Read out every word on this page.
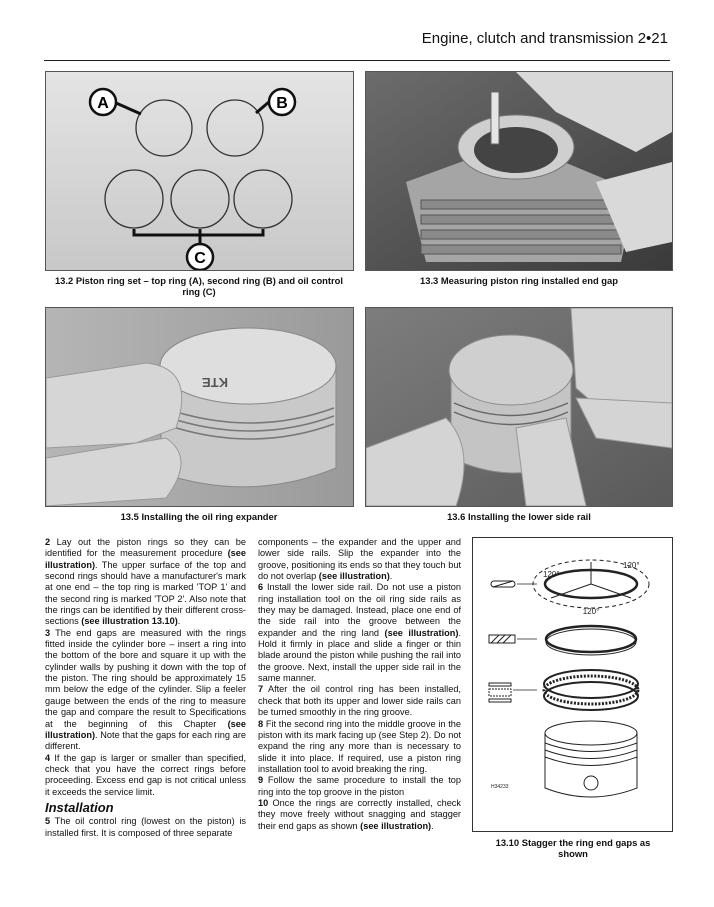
Engine, clutch and transmission 2•21
A	B
C
13.2 Piston ring set – top ring (A), second ring (B) and oil control ring (C)
13.3 Measuring piston ring installed end gap
KTE
13.5 Installing the oil ring expander	13.6 Installing the lower side rail

2 Lay out the piston rings so they can be identified for the measurement procedure (see illustration). The upper surface of the top and second rings should have a manufacturer's mark at one end – the top ring is marked 'TOP 1' and the second ring is marked 'TOP 2'. Also note that the rings can be identified by their different cross-sections (see illustration 13.10).

3 The end gaps are measured with the rings fitted inside the cylinder bore – insert a ring into the bottom of the bore and square it up with the cylinder walls by pushing it down with the top of the piston. The ring should be approximately 15 mm below the edge of the cylinder. Slip a feeler gauge between the ends of the ring to measure the gap and compare the result to Specifications at the beginning of this Chapter (see illustration). Note that the gaps for each ring are different.

4 If the gap is larger or smaller than specified, check that you have the correct rings before proceeding. Excess end gap is not critical unless it exceeds the service limit.

Installation

5 The oil control ring (lowest on the piston) is installed first. It is composed of three separate

components – the expander and the upper and lower side rails. Slip the expander into the groove, positioning its ends so that they touch but do not overlap (see illustration).

6 Install the lower side rail. Do not use a piston ring installation tool on the oil ring side rails as they may be damaged. Instead, place one end of the side rail into the groove between the expander and the ring land (see illustration). Hold it firmly in place and slide a finger or thin blade around the piston while pushing the rail into the groove. Next, install the upper side rail in the same manner.

7 After the oil control ring has been installed, check that both its upper and lower side rails can be turned smoothly in the ring groove.

8 Fit the second ring into the middle groove in the piston with its mark facing up (see Step 2). Do not expand the ring any more than is necessary to slide it into place. If required, use a piston ring installation tool to avoid breaking the ring.

9 Follow the same procedure to install the top ring into the top groove in the piston

10 Once the rings are correctly installed, check they move freely without snagging and stagger their end gaps as shown (see illustration).

120°
120°
120°
H34233
13.10 Stagger the ring end gaps as shown
